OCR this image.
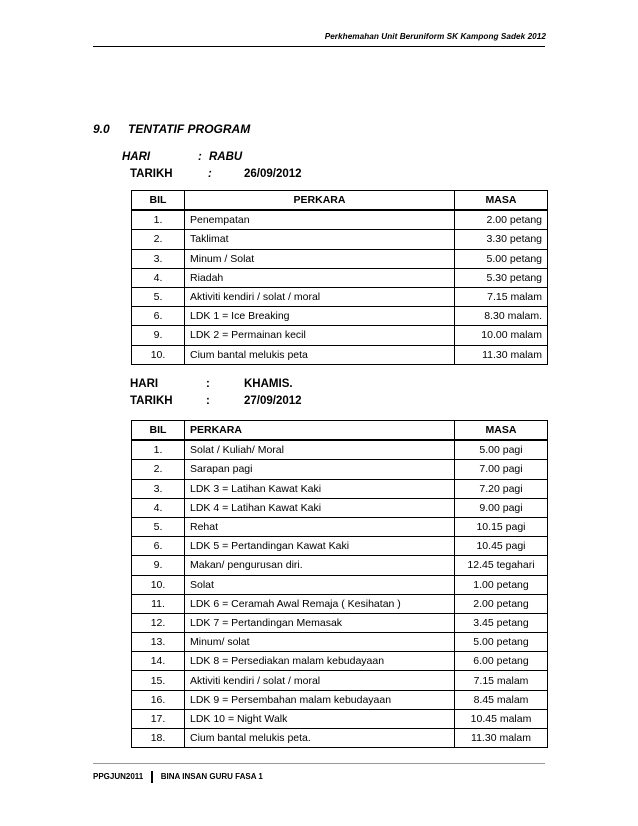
Perkhemahan Unit Beruniform SK Kampong Sadek 2012
9.0 TENTATIF PROGRAM
HARI	: RABU
TARIKH	:	26/09/2012
BIL	PERKARA	MASA
1.	Penempatan	2.00 petang
2.	Taklimat	3.30 petang
3.	Minum / Solat	5.00 petang
4.	Riadah	5.30 petang
5.	Aktiviti kendiri / solat / moral	7.15 malam
6.	LDK 1 = Ice Breaking	8.30 malam.
9.	LDK 2 = Permainan kecil	10.00 malam
10.	Cium bantal melukis peta	11.30 malam
HARI	:	KHAMIS.
TARIKH	:	27/09/2012
BIL	PERKARA	MASA
1.	Solat / Kuliah/ Moral	5.00 pagi
2.	Sarapan pagi	7.00 pagi
3.	LDK 3 = Latihan Kawat Kaki	7.20 pagi
4.	LDK 4 = Latihan Kawat Kaki	9.00 pagi
5.	Rehat	10.15 pagi
6.	LDK 5 = Pertandingan Kawat Kaki	10.45 pagi
9.	Makan/ pengurusan diri.	12.45 tegahari
10.	Solat	1.00 petang
11.	LDK 6 = Ceramah Awal Remaja ( Kesihatan )	2.00 petang
12.	LDK 7 = Pertandingan Memasak	3.45 petang
13.	Minum/ solat	5.00 petang
14.	LDK 8 = Persediakan malam kebudayaan	6.00 petang
15.	Aktiviti kendiri / solat / moral	7.15 malam
16.	LDK 9 = Persembahan malam kebudayaan	8.45 malam
17.	LDK 10 = Night Walk	10.45 malam
18.	Cium bantal melukis peta.	11.30 malam
PPGJUN2011 BINA INSAN GURU FASA 1
